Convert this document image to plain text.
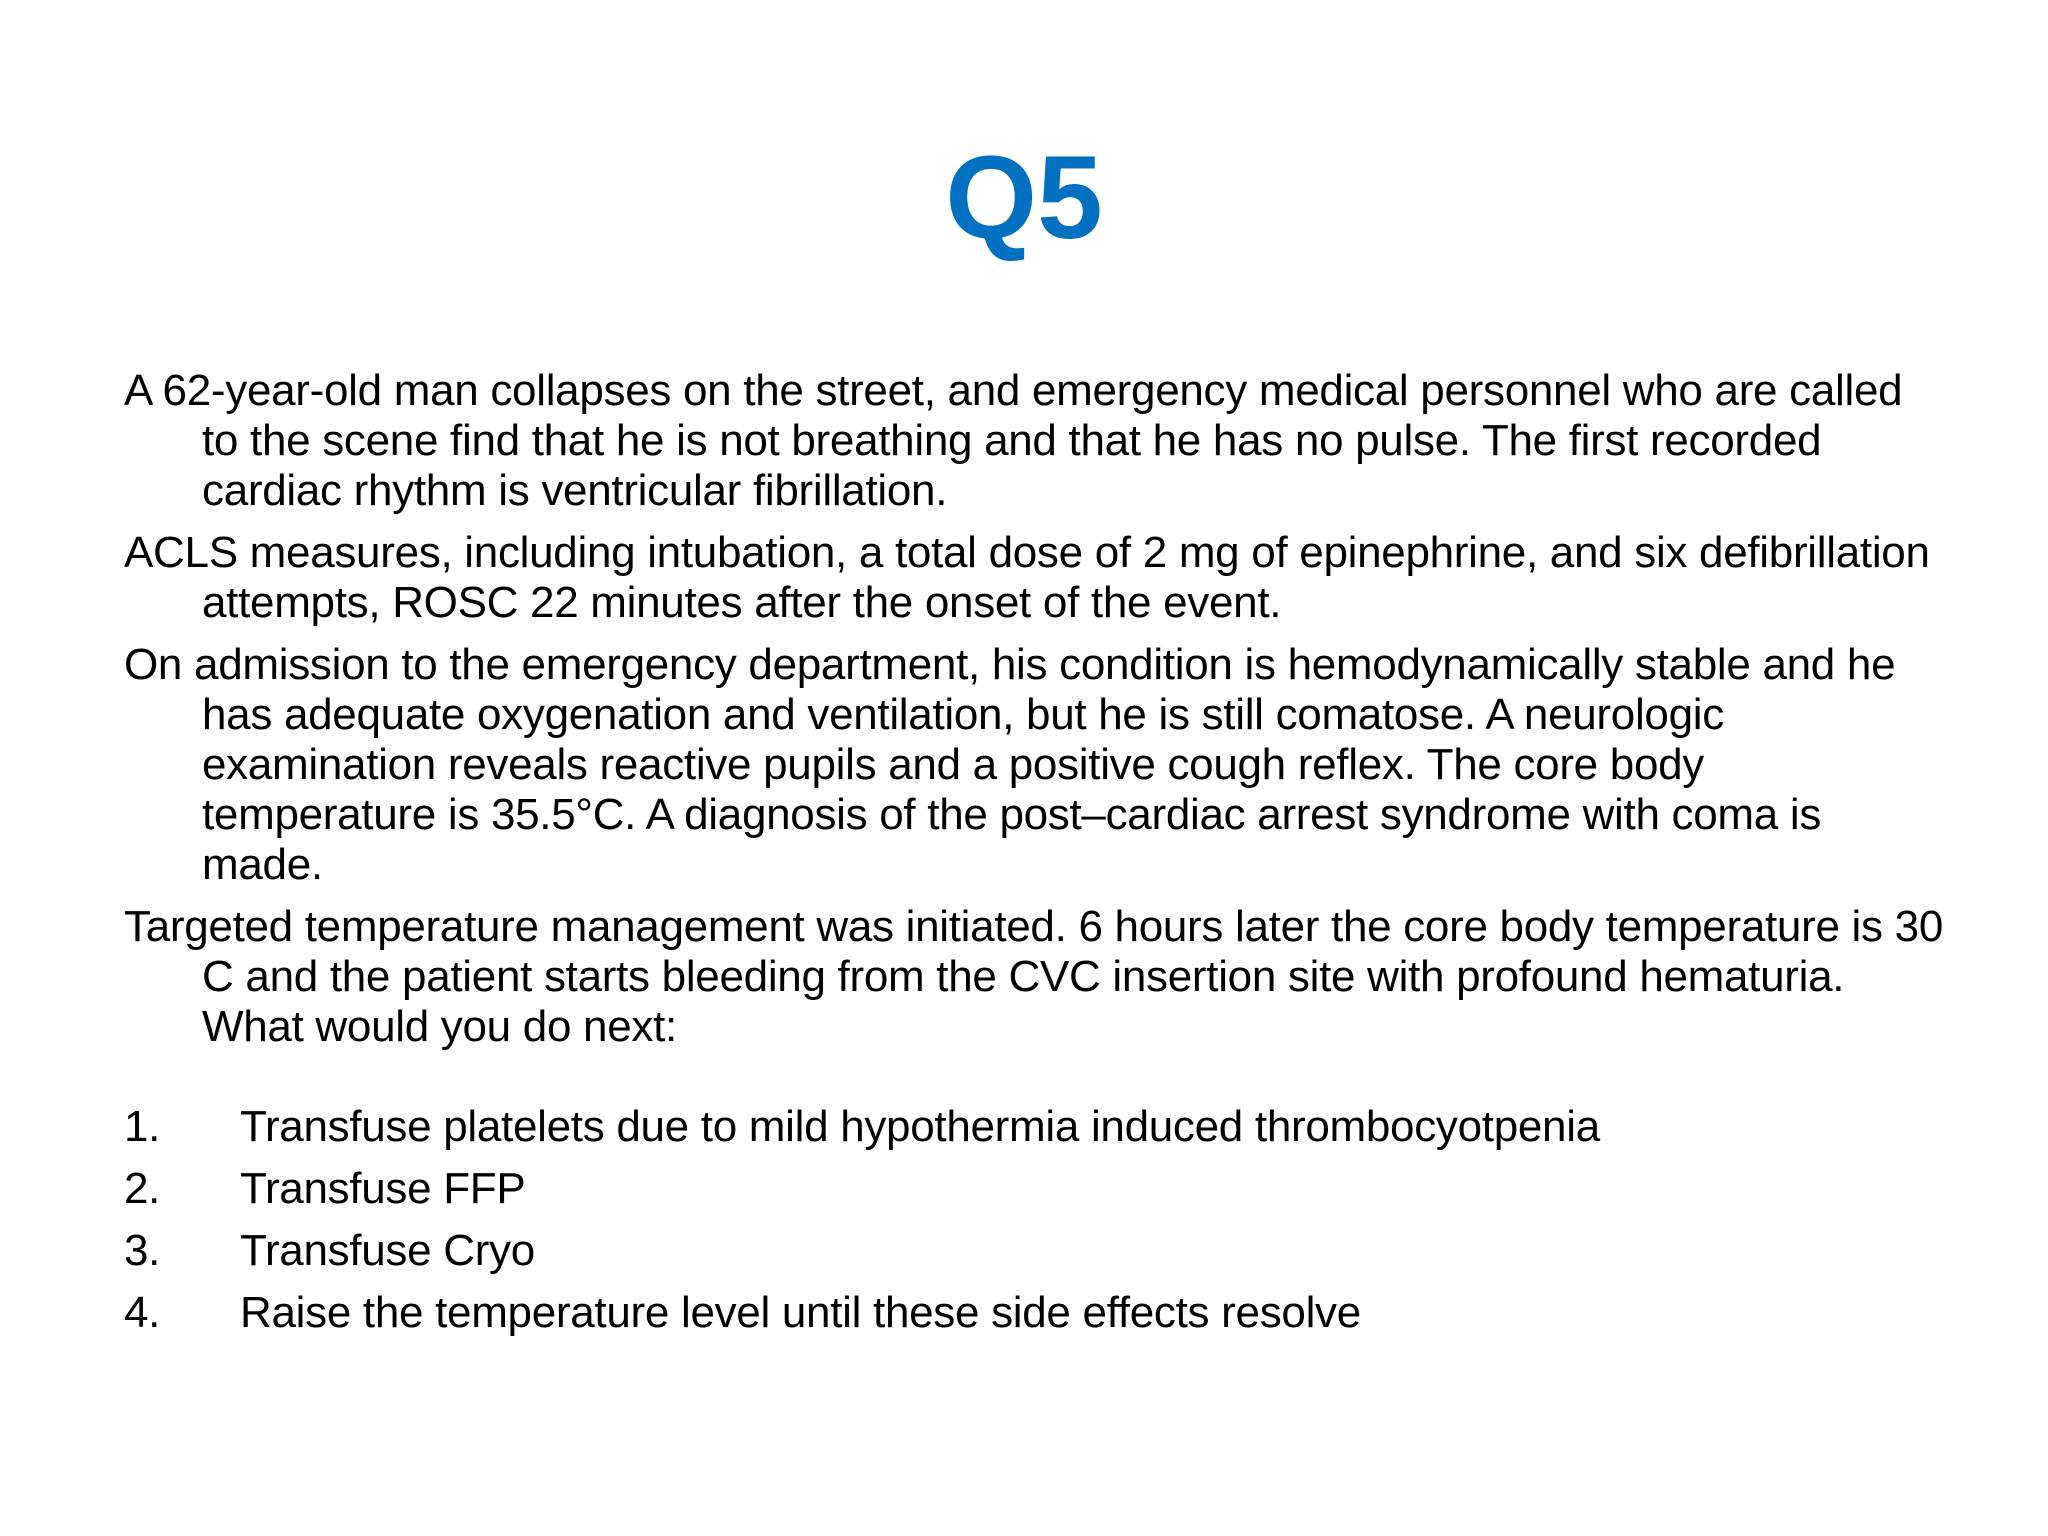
Q5

A 62-year-old man collapses on the street, and emergency medical personnel who are called to the scene find that he is not breathing and that he has no pulse. The first recorded cardiac rhythm is ventricular fibrillation.

ACLS measures, including intubation, a total dose of 2 mg of epinephrine, and six defibrillation attempts, ROSC 22 minutes after the onset of the event.

On admission to the emergency department, his condition is hemodynamically stable and he has adequate oxygenation and ventilation, but he is still comatose. A neurologic examination reveals reactive pupils and a positive cough reflex. The core body temperature is 35.5°C. A diagnosis of the post–cardiac arrest syndrome with coma is made.

Targeted temperature management was initiated. 6 hours later the core body temperature is 30 C and the patient starts bleeding from the CVC insertion site with profound hematuria. What would you do next:

1.	Transfuse platelets due to mild hypothermia induced thrombocyotpenia
2.	Transfuse FFP
3.	Transfuse Cryo
4.	Raise the temperature level until these side effects resolve
